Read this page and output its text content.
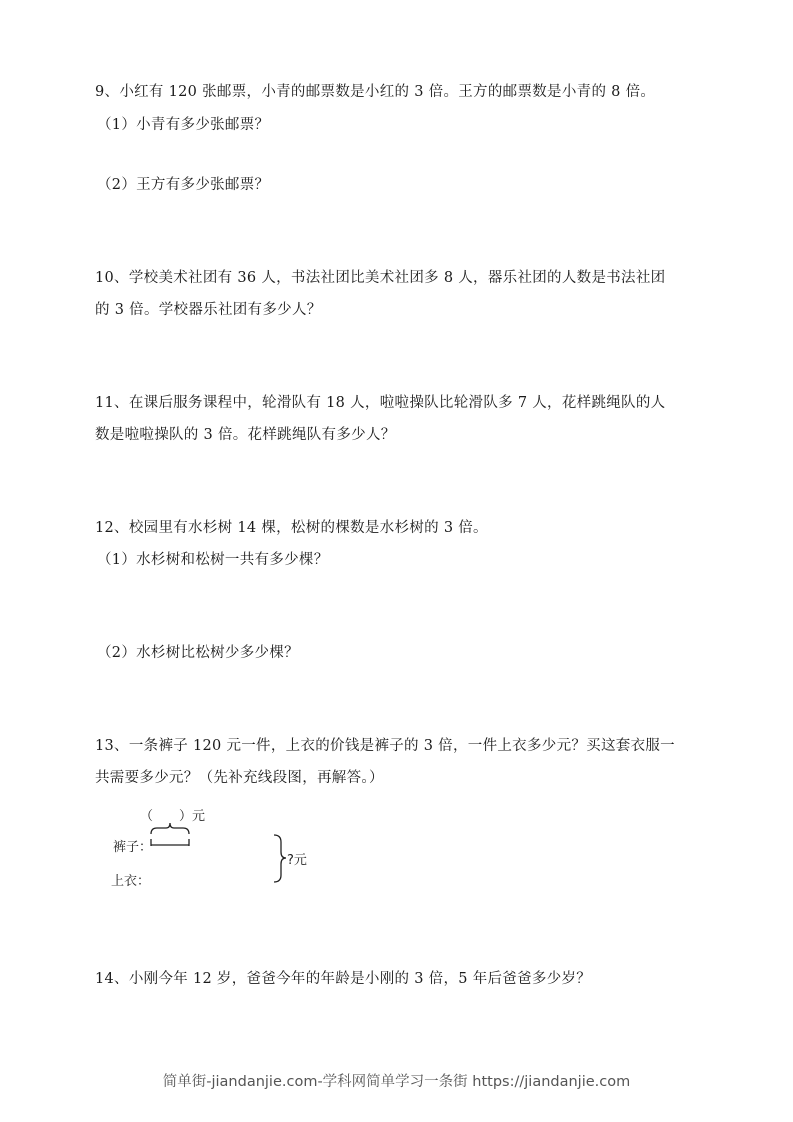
9、小红有 120 张邮票，小青的邮票数是小红的 3 倍。王方的邮票数是小青的 8 倍。
（1）小青有多少张邮票？
（2）王方有多少张邮票？
10、学校美术社团有 36 人，书法社团比美术社团多 8 人，器乐社团的人数是书法社团
的 3 倍。学校器乐社团有多少人？
11、在课后服务课程中，轮滑队有 18 人，啦啦操队比轮滑队多 7 人，花样跳绳队的人
数是啦啦操队的 3 倍。花样跳绳队有多少人？
12、校园里有水杉树 14 棵，松树的棵数是水杉树的 3 倍。
（1）水杉树和松树一共有多少棵？
（2）水杉树比松树少多少棵？
13、一条裤子 120 元一件，上衣的价钱是裤子的 3 倍，一件上衣多少元？买这套衣服一
共需要多少元？（先补充线段图，再解答。）
（　　）元
裤子：
上衣：
?元
14、小刚今年 12 岁，爸爸今年的年龄是小刚的 3 倍，5 年后爸爸多少岁？
简单街-jiandanjie.com-学科网简单学习一条街 https://jiandanjie.com
